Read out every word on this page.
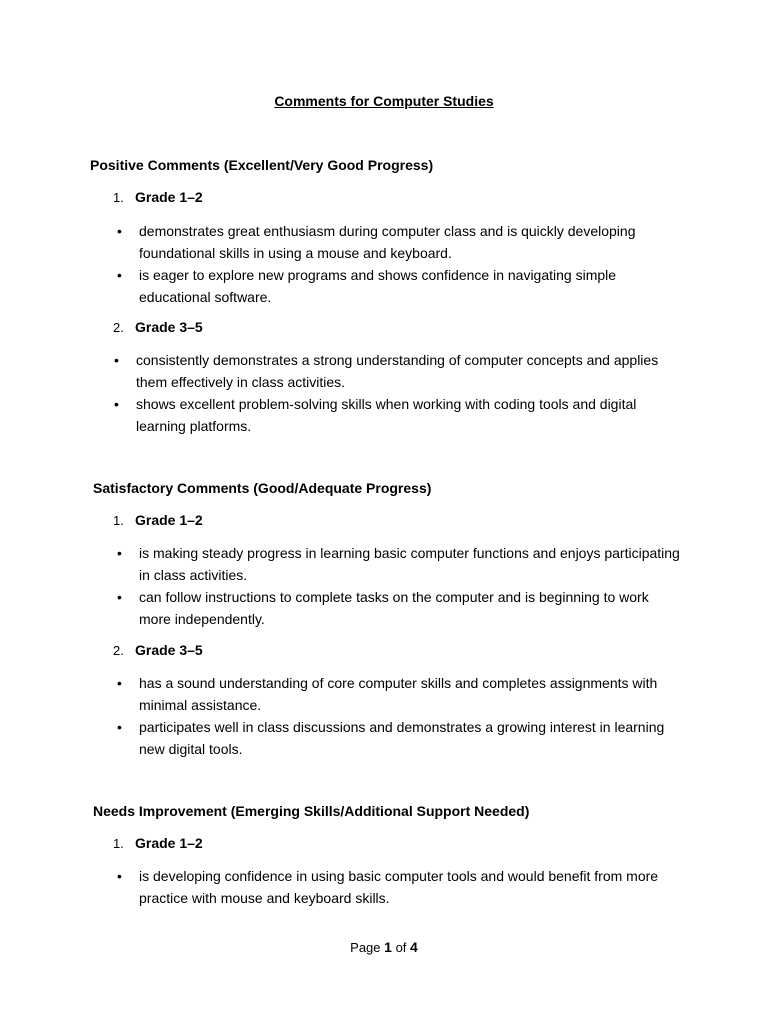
Comments for Computer Studies
Positive Comments (Excellent/Very Good Progress)
1. Grade 1–2
• demonstrates great enthusiasm during computer class and is quickly developing foundational skills in using a mouse and keyboard.
• is eager to explore new programs and shows confidence in navigating simple educational software.
2. Grade 3–5
• consistently demonstrates a strong understanding of computer concepts and applies them effectively in class activities.
• shows excellent problem-solving skills when working with coding tools and digital learning platforms.
Satisfactory Comments (Good/Adequate Progress)
1. Grade 1–2
• is making steady progress in learning basic computer functions and enjoys participating in class activities.
• can follow instructions to complete tasks on the computer and is beginning to work more independently.
2. Grade 3–5
• has a sound understanding of core computer skills and completes assignments with minimal assistance.
• participates well in class discussions and demonstrates a growing interest in learning new digital tools.
Needs Improvement (Emerging Skills/Additional Support Needed)
1. Grade 1–2
• is developing confidence in using basic computer tools and would benefit from more practice with mouse and keyboard skills.
Page 1 of 4
